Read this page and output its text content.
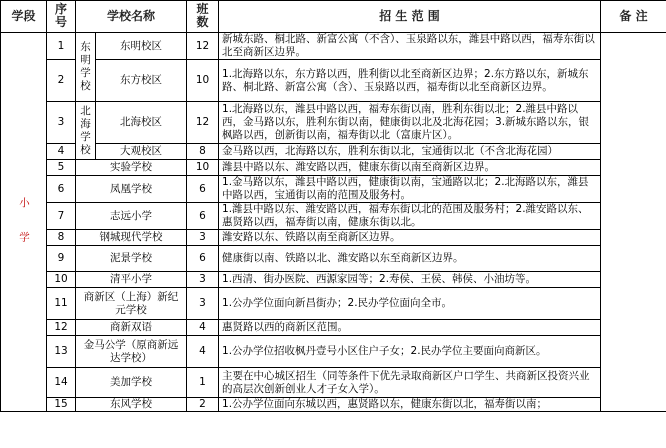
学段	序号	学校名称		班数	招 生 范 围	备 注

小 学	1	东明学校	东明校区	12	新城东路、桐北路、新富公寓（不含）、玉泉路以东，潍县中路以西，福寿东街以北至商新区边界。	
	2		东方校区	10	1.北海路以东，东方路以西，胜利街以北至商新区边界；2.东方路以东，新城东路、桐北路、新富公寓（含）、玉泉路以西，福寿街以北至商新区边界。	
	3	北海学校	北海校区	12	1.北海路以东，潍县中路以西，福寿东街以南，胜利东街以北；2.潍县中路以西，金马路以东，胜利东街以南，健康街以北及北海花园；3.新城东路以东，银枫路以西，创新街以南，福寿街以北（富康片区）。	
	4		大观校区	8	金马路以西，北海路以东，胜利东街以北，宝通街以北（不含北海花园）	
	5	实验学校		10	潍县中路以东、潍安路以西，健康东街以南至商新区边界。	
	6	凤凰学校		6	1.金马路以东，潍县中路以西，健康街以南，宝通路以北；2.北海路以东，潍县中路以西，宝通街以南的范围及服务村。	
	7	志远小学		6	1.潍县中路以东、潍安路以西，福寿东街以北的范围及服务村；2.潍安路以东、惠贤路以西，福寿街以南，健康东街以北。	
	8	钢城现代学校		3	潍安路以东、铁路以南至商新区边界。	
	9	泥景学校		6	健康街以南、铁路以北、潍安路以东至商新区边界。	
	10	清平小学		3	1.西清、街办医院、西源家园等；2.寿侯、王侯、韩侯、小油坊等。	
	11	商新区（上海）新纪元学校		3	1.公办学位面向新昌街办；2.民办学位面向全市。	
	12	商新双语		4	惠贤路以西的商新区范围。	
	13	金马公学（原商新远达学校）		4	1.公办学位招收枫丹壹号小区住户子女；2.民办学位主要面向商新区。	
	14	美加学校		1	主要在中心城区招生（同等条件下优先录取商新区户口学生、共商新区投资兴业的高层次创新创业人才子女入学）。	
	15	东风学校		2	1.公办学位面向东城以西，惠贤路以东，健康东街以北，福寿街以南；	
